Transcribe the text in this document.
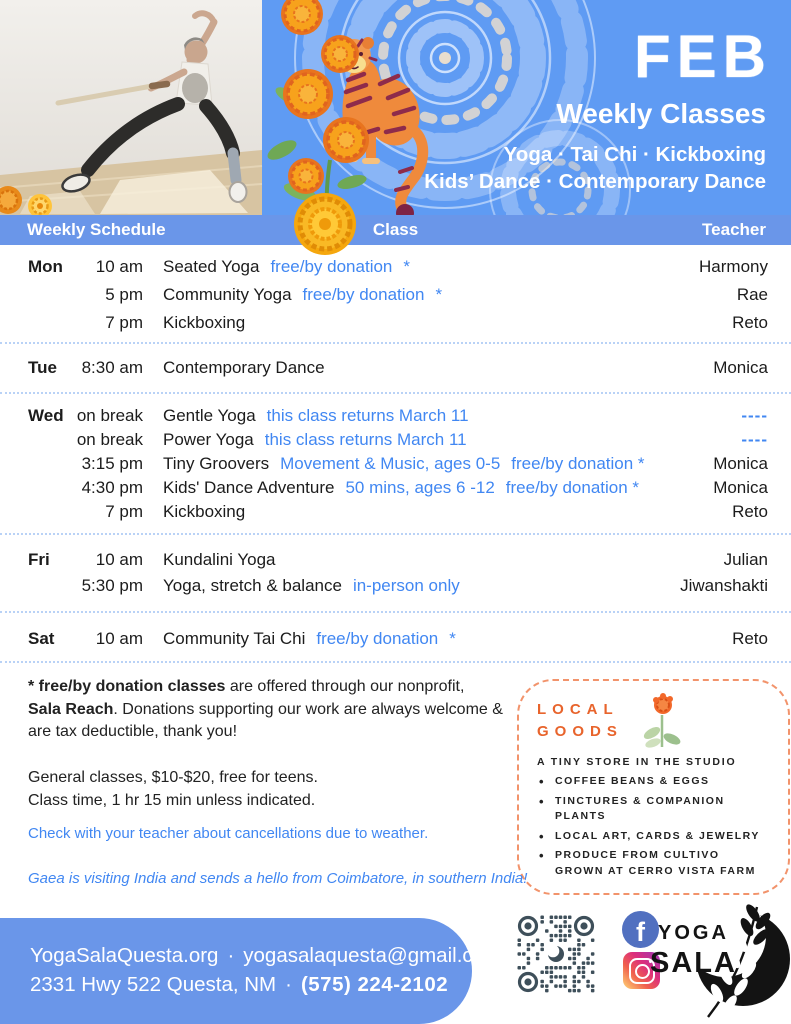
FEB
Weekly Classes
Yoga · Tai Chi · Kickboxing
Kids’ Dance · Contemporary Dance
Weekly Schedule	Class	Teacher
Mon	10 am Seated Yoga free/by donation *	Harmony
5 pm Community Yoga free/by donation *	Rae
7 pm Kickboxing	Reto
Tue	8:30 am Contemporary Dance	Monica
Wed on break Gentle Yoga this class returns March 11	----
on break Power Yoga this class returns March 11	----
3:15 pm Tiny Groovers Movement & Music, ages 0-5 free/by donation *	Monica
4:30 pm Kids' Dance Adventure 50 mins, ages 6 -12 free/by donation *	Monica
7 pm Kickboxing	Reto
Fri	10 am Kundalini Yoga	Julian
5:30 pm Yoga, stretch & balance in-person only	Jiwanshakti
Sat	10 am Community Tai Chi free/by donation *	Reto
* free/by donation classes are offered through our nonprofit,
Sala Reach. Donations supporting our work are always welcome & are tax deductible, thank you!
General classes, $10-$20, free for teens.
Class time, 1 hr 15 min unless indicated.
Check with your teacher about cancellations due to weather.
LOCAL
GOODS
A TINY STORE IN THE STUDIO
• COFFEE BEANS & EGGS
• TINCTURES & COMPANION PLANTS
• LOCAL ART, CARDS & JEWELRY
• PRODUCE FROM CULTIVO GROWN AT CERRO VISTA FARM
Gaea is visiting India and sends a hello from Coimbatore, in southern India!
YogaSalaQuesta.org · yogasalaquesta@gmail.com
2331 Hwy 522 Questa, NM · (575) 224-2102
f YOGA
SALA
